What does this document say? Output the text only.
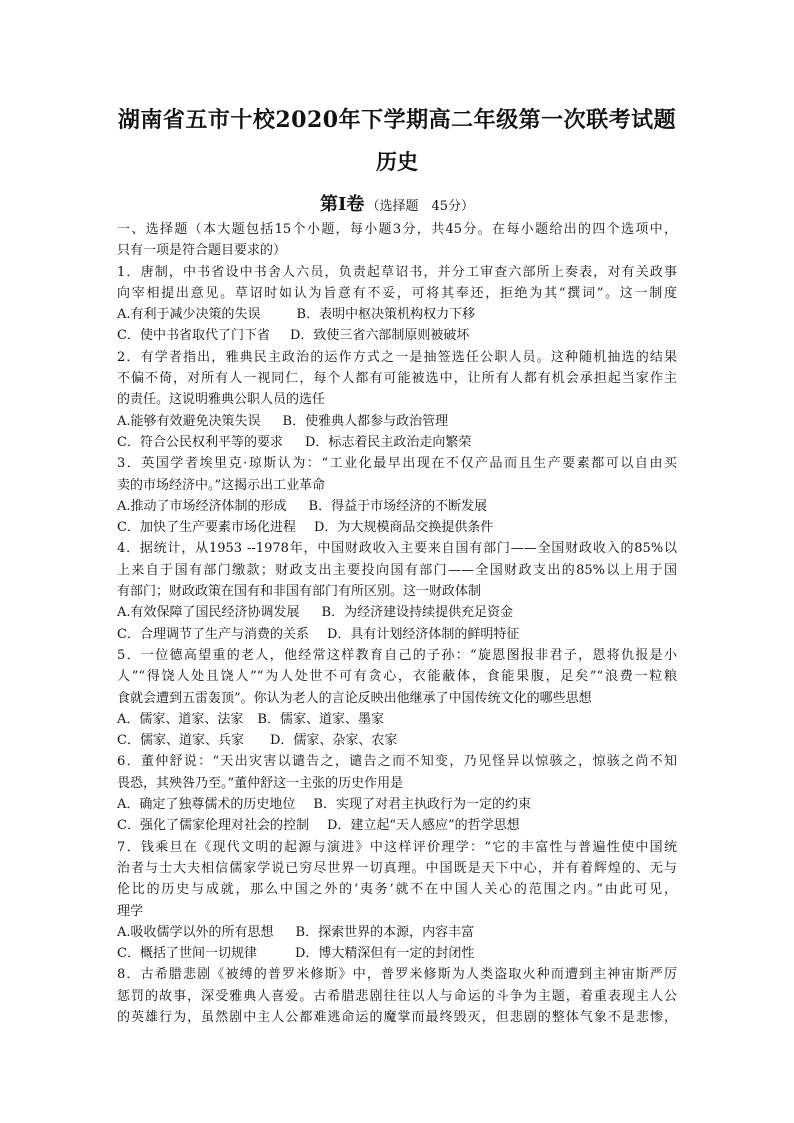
湖南省五市十校2020年下学期高二年级第一次联考试题
历史
第Ⅰ卷 （选择题　45分）
一、选择题（本大题包括15个小题，每小题3分，共45分。在每小题给出的四个选项中，
只有一项是符合题目要求的）
1．唐制，中书省设中书舍人六员，负责起草诏书，并分工审查六部所上奏表，对有关政事
向宰相提出意见。草诏时如认为旨意有不妥，可将其奉还，拒绝为其“撰词”。这一制度
A.有利于减少决策的失误	B．表明中枢决策机构权力下移
C．使中书省取代了门下省 D．致使三省六部制原则被破坏
2．有学者指出，雅典民主政治的运作方式之一是抽签选任公职人员。这种随机抽选的结果
不偏不倚，对所有人一视同仁，每个人都有可能被选中，让所有人都有机会承担起当家作主
的责任。这说明雅典公职人员的选任
A.能够有效避免决策失误 B．使雅典人都参与政治管理
C．符合公民权利平等的要求 D．标志着民主政治走向繁荣
3．英国学者埃里克·琼斯认为：“工业化最早出现在不仅产品而且生产要素都可以自由买
卖的市场经济中。”这揭示出工业革命
A.推动了市场经济体制的形成 B．得益于市场经济的不断发展
C．加快了生产要素市场化进程 D．为大规模商品交换提供条件
4．据统计，从1953 --1978年，中国财政收入主要来自国有部门——全国财政收入的85%以
上来自于国有部门缴款；财政支出主要投向国有部门——全国财政支出的85%以上用于国
有部门；财政政策在国有和非国有部门有所区别。这一财政体制
A.有效保障了国民经济协调发展 B．为经济建设持续提供充足资金
C．合理调节了生产与消费的关系 D．具有计划经济体制的鲜明特征
5．一位德高望重的老人，他经常这样教育自己的子孙：“旋恩图报非君子，恩将仇报是小
人”“得饶人处且饶人”“为人处世不可有贪心，衣能蔽体，食能果腹，足矣”“浪费一粒粮
食就会遭到五雷轰顶”。你认为老人的言论反映出他继承了中国传统文化的哪些思想
A．儒家、道家、法家 B．儒家、道家、墨家
C．儒家、道家、兵家 D．儒家、杂家、农家
6．董仲舒说：“天出灾害以谴告之，谴告之而不知变，乃见怪异以惊骇之，惊骇之尚不知
畏恐，其殃咎乃至。”董仲舒这一主张的历史作用是
A．确定了独尊儒术的历史地位 B．实现了对君主执政行为一定的约束
C．强化了儒家伦理对社会的控制 D．建立起“天人感应”的哲学思想
7．钱乘旦在《现代文明的起源与演进》中这样评价理学：“它的丰富性与普遍性使中国统
治者与士大夫相信儒家学说已穷尽世界一切真理。中国既是天下中心，并有着辉煌的、无与
伦比的历史与成就，那么中国之外的‘夷务’就不在中国人关心的范围之内。”由此可见，
理学
A.吸收儒学以外的所有思想 B．探索世界的本源，内容丰富
C．概括了世间一切规律	D．博大精深但有一定的封闭性
8．古希腊悲剧《被缚的普罗米修斯》中，普罗米修斯为人类盗取火种而遭到主神宙斯严厉
惩罚的故事，深受雅典人喜爱。古希腊悲剧往往以人与命运的斗争为主题，着重表现主人公
的英雄行为，虽然剧中主人公都难逃命运的魔掌而最终毁灭，但悲剧的整体气象不是悲惨，
